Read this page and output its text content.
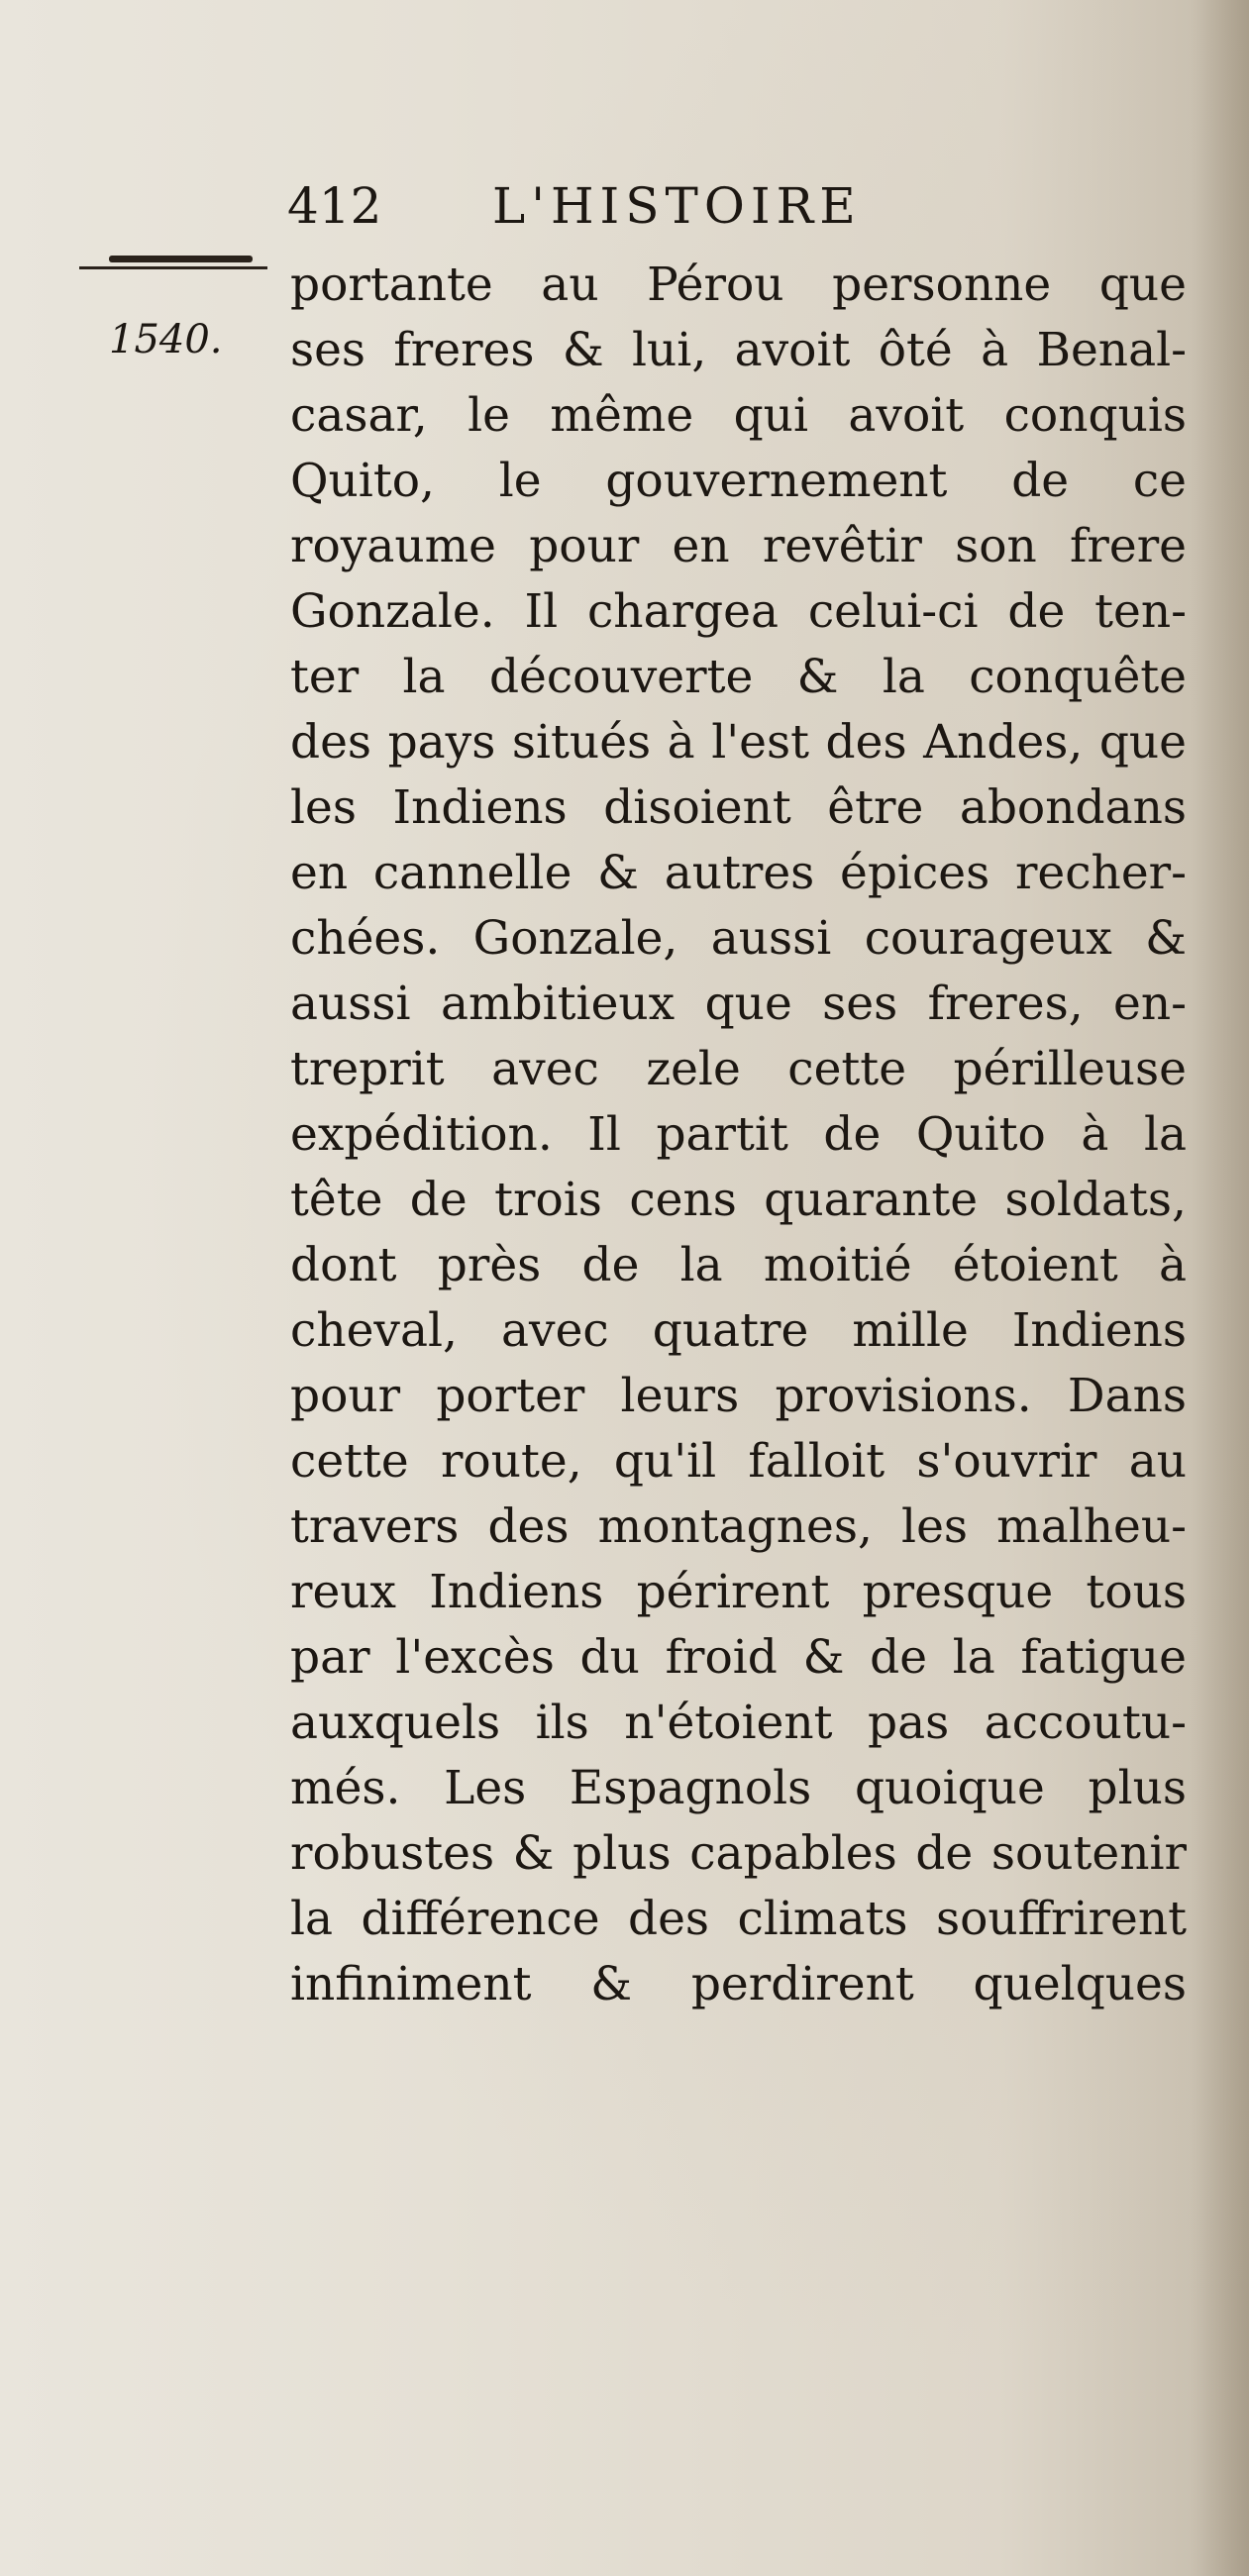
412 L'HISTOIRE
1540.
portante au Pérou personne que
ses freres & lui, avoit ôté à Benal-
casar, le même qui avoit conquis
Quito, le gouvernement de ce
royaume pour en revêtir son frere
Gonzale. Il chargea celui-ci de ten-
ter la découverte & la conquête
des pays situés à l'est des Andes, que
les Indiens disoient être abondans
en cannelle & autres épices recher-
chées. Gonzale, aussi courageux &
aussi ambitieux que ses freres, en-
treprit avec zele cette périlleuse
expédition. Il partit de Quito à la
tête de trois cens quarante soldats,
dont près de la moitié étoient à
cheval, avec quatre mille Indiens
pour porter leurs provisions. Dans
cette route, qu'il falloit s'ouvrir au
travers des montagnes, les malheu-
reux Indiens périrent presque tous
par l'excès du froid & de la fatigue
auxquels ils n'étoient pas accoutu-
més. Les Espagnols quoique plus
robustes & plus capables de soutenir
la différence des climats souffrirent
infiniment & perdirent quelques
